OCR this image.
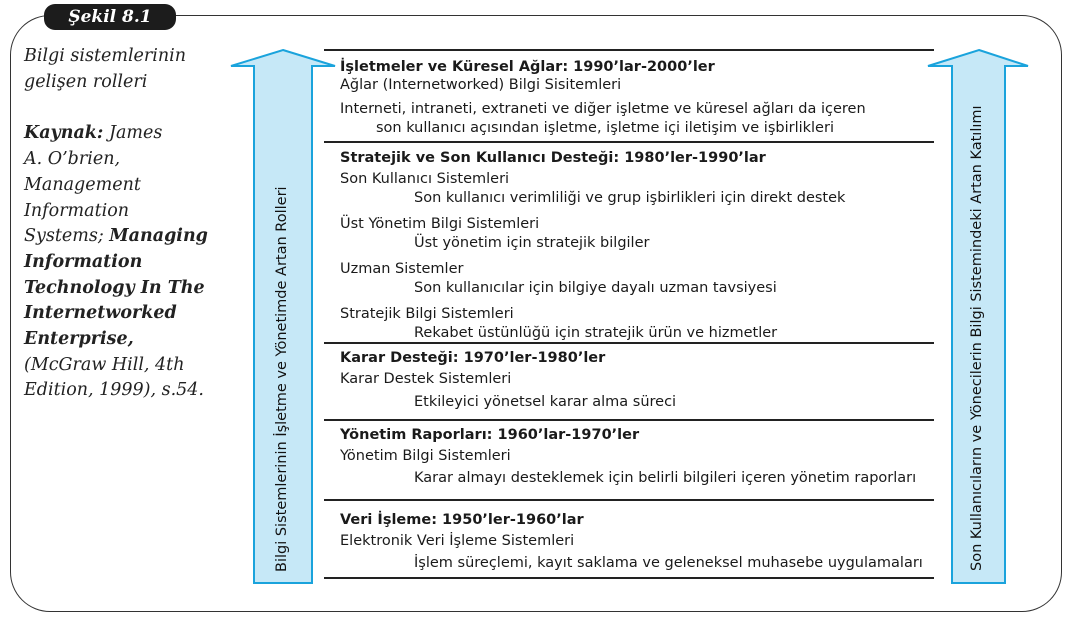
Şekil 8.1
Bilgi sistemlerinin
gelişen rolleri
Kaynak: James
A. O’brien,
Management
Information
Systems; Managing
Information
Technology In The
Internetworked
Enterprise,
(McGraw Hill, 4th
Edition, 1999), s.54.	Bilgi Sistemlerinin İşletme ve Yönetimde Artan Rolleri	Son Kullanıcıların ve Yönecilerin Bilgi Sistemindeki Artan Katılımı
İşletmeler ve Küresel Ağlar: 1990’lar-2000’ler
Ağlar (Internetworked) Bilgi Sisitemleri
Interneti, intraneti, extraneti ve diğer işletme ve küresel ağları da içeren
son kullanıcı açısından işletme, işletme içi iletişim ve işbirlikleri
Stratejik ve Son Kullanıcı Desteği: 1980’ler-1990’lar
Son Kullanıcı Sistemleri
Son kullanıcı verimliliği ve grup işbirlikleri için direkt destek
Üst Yönetim Bilgi Sistemleri
Üst yönetim için stratejik bilgiler
Uzman Sistemler
Son kullanıcılar için bilgiye dayalı uzman tavsiyesi
Stratejik Bilgi Sistemleri
Rekabet üstünlüğü için stratejik ürün ve hizmetler
Karar Desteği: 1970’ler-1980’ler
Karar Destek Sistemleri
Etkileyici yönetsel karar alma süreci
Yönetim Raporları: 1960’lar-1970’ler
Yönetim Bilgi Sistemleri
Karar almayı desteklemek için belirli bilgileri içeren yönetim raporları
Veri İşleme: 1950’ler-1960’lar
Elektronik Veri İşleme Sistemleri
İşlem süreçlemi, kayıt saklama ve geleneksel muhasebe uygulamaları
